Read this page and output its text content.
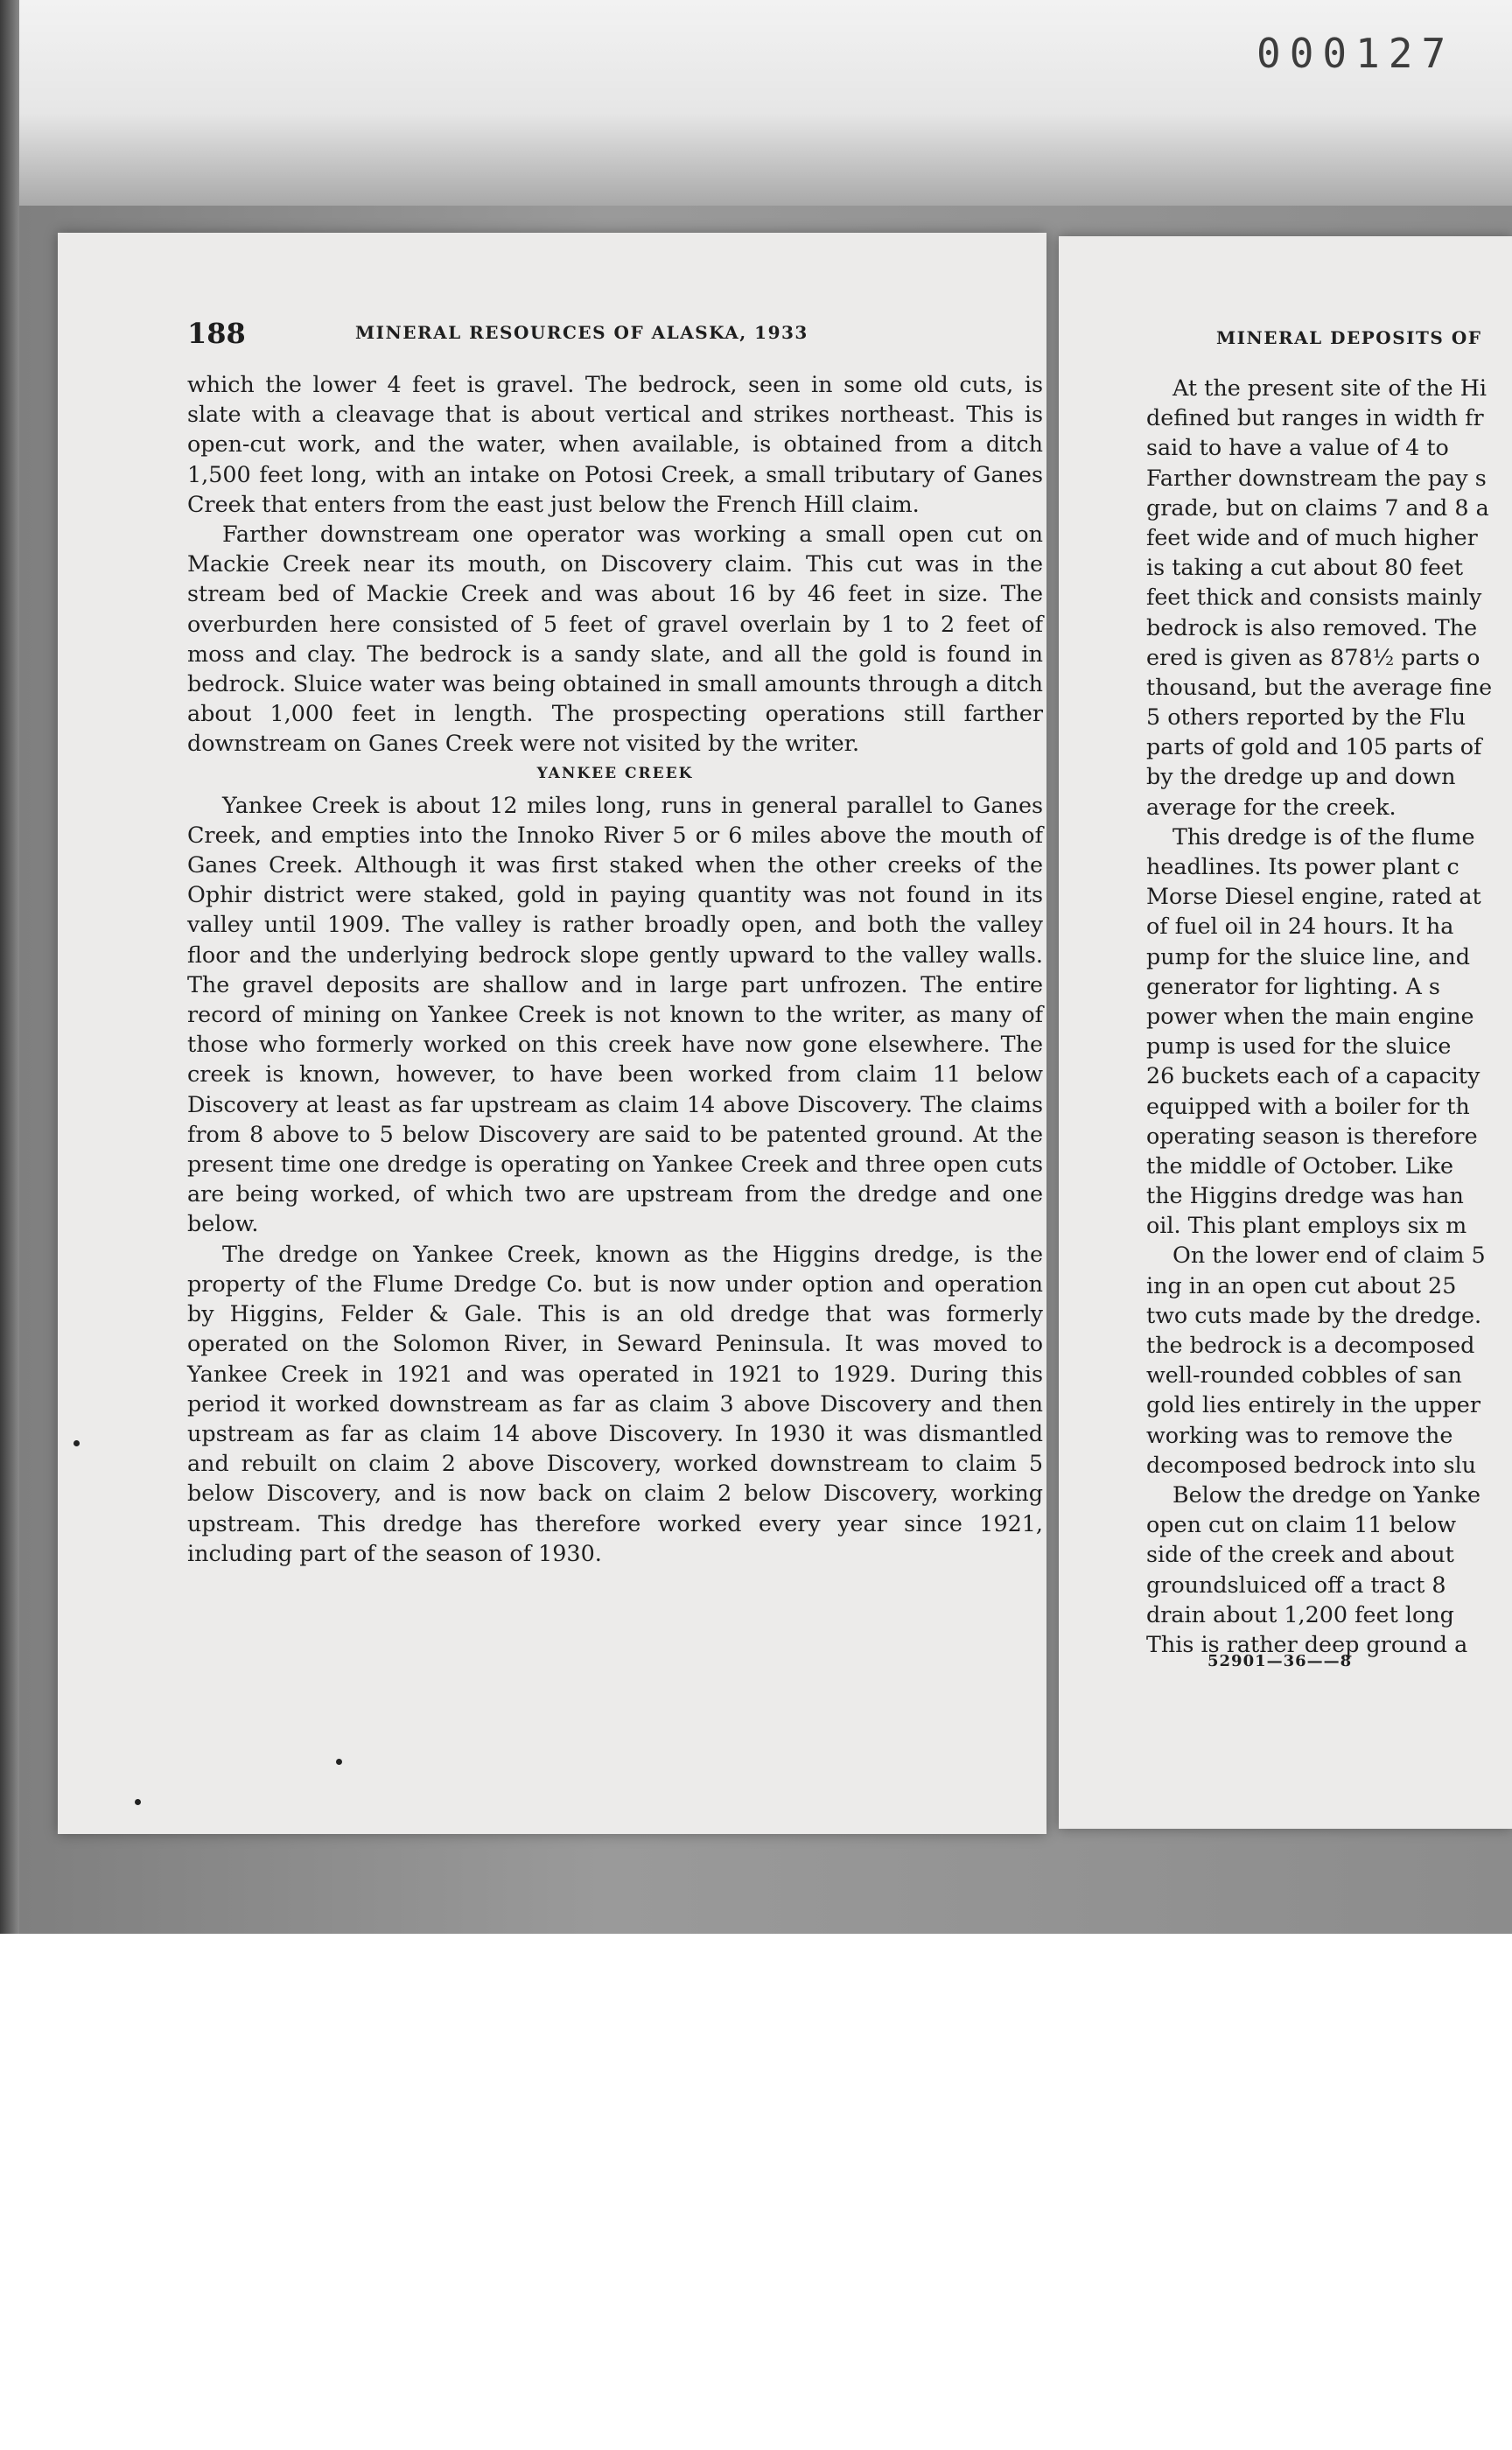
000127
188	MINERAL RESOURCES OF ALASKA, 1933

which the lower 4 feet is gravel. The bedrock, seen in some old cuts, is slate with a cleavage that is about vertical and strikes northeast. This is open-cut work, and the water, when available, is obtained from a ditch 1,500 feet long, with an intake on Potosi Creek, a small tributary of Ganes Creek that enters from the east just below the French Hill claim.

Farther downstream one operator was working a small open cut on Mackie Creek near its mouth, on Discovery claim. This cut was in the stream bed of Mackie Creek and was about 16 by 46 feet in size. The overburden here consisted of 5 feet of gravel overlain by 1 to 2 feet of moss and clay. The bedrock is a sandy slate, and all the gold is found in bedrock. Sluice water was being obtained in small amounts through a ditch about 1,000 feet in length. The prospecting operations still farther downstream on Ganes Creek were not visited by the writer.

YANKEE CREEK

Yankee Creek is about 12 miles long, runs in general parallel to Ganes Creek, and empties into the Innoko River 5 or 6 miles above the mouth of Ganes Creek. Although it was first staked when the other creeks of the Ophir district were staked, gold in paying quantity was not found in its valley until 1909. The valley is rather broadly open, and both the valley floor and the underlying bedrock slope gently upward to the valley walls. The gravel deposits are shallow and in large part unfrozen. The entire record of mining on Yankee Creek is not known to the writer, as many of those who formerly worked on this creek have now gone elsewhere. The creek is known, however, to have been worked from claim 11 below Discovery at least as far upstream as claim 14 above Discovery. The claims from 8 above to 5 below Discovery are said to be patented ground. At the present time one dredge is operating on Yankee Creek and three open cuts are being worked, of which two are upstream from the dredge and one below.

The dredge on Yankee Creek, known as the Higgins dredge, is the property of the Flume Dredge Co. but is now under option and operation by Higgins, Felder & Gale. This is an old dredge that was formerly operated on the Solomon River, in Seward Peninsula. It was moved to Yankee Creek in 1921 and was operated in 1921 to 1929. During this period it worked downstream as far as claim 3 above Discovery and then upstream as far as claim 14 above Discovery. In 1930 it was dismantled and rebuilt on claim 2 above Discovery, worked downstream to claim 5 below Discovery, and is now back on claim 2 below Discovery, working upstream. This dredge has therefore worked every year since 1921, including part of the season of 1930.

MINERAL DEPOSITS OF
At the present site of the Hi
defined but ranges in width fr
said to have a value of 4 to
Farther downstream the pay s
grade, but on claims 7 and 8 a
feet wide and of much higher
is taking a cut about 80 feet
feet thick and consists mainly
bedrock is also removed. The
ered is given as 878½ parts o
thousand, but the average fine
5 others reported by the Flu
parts of gold and 105 parts of
by the dredge up and down
average for the creek.
This dredge is of the flume
headlines. Its power plant c
Morse Diesel engine, rated at
of fuel oil in 24 hours. It ha
pump for the sluice line, and
generator for lighting. A s
power when the main engine
pump is used for the sluice
26 buckets each of a capacity
equipped with a boiler for th
operating season is therefore
the middle of October. Like
the Higgins dredge was han
oil. This plant employs six m
On the lower end of claim 5
ing in an open cut about 25
two cuts made by the dredge.
the bedrock is a decomposed
well-rounded cobbles of san
gold lies entirely in the upper
working was to remove the
decomposed bedrock into slu
Below the dredge on Yanke
open cut on claim 11 below
side of the creek and about
groundsluiced off a tract 8
drain about 1,200 feet long
This is rather deep ground a
52901—36——8
